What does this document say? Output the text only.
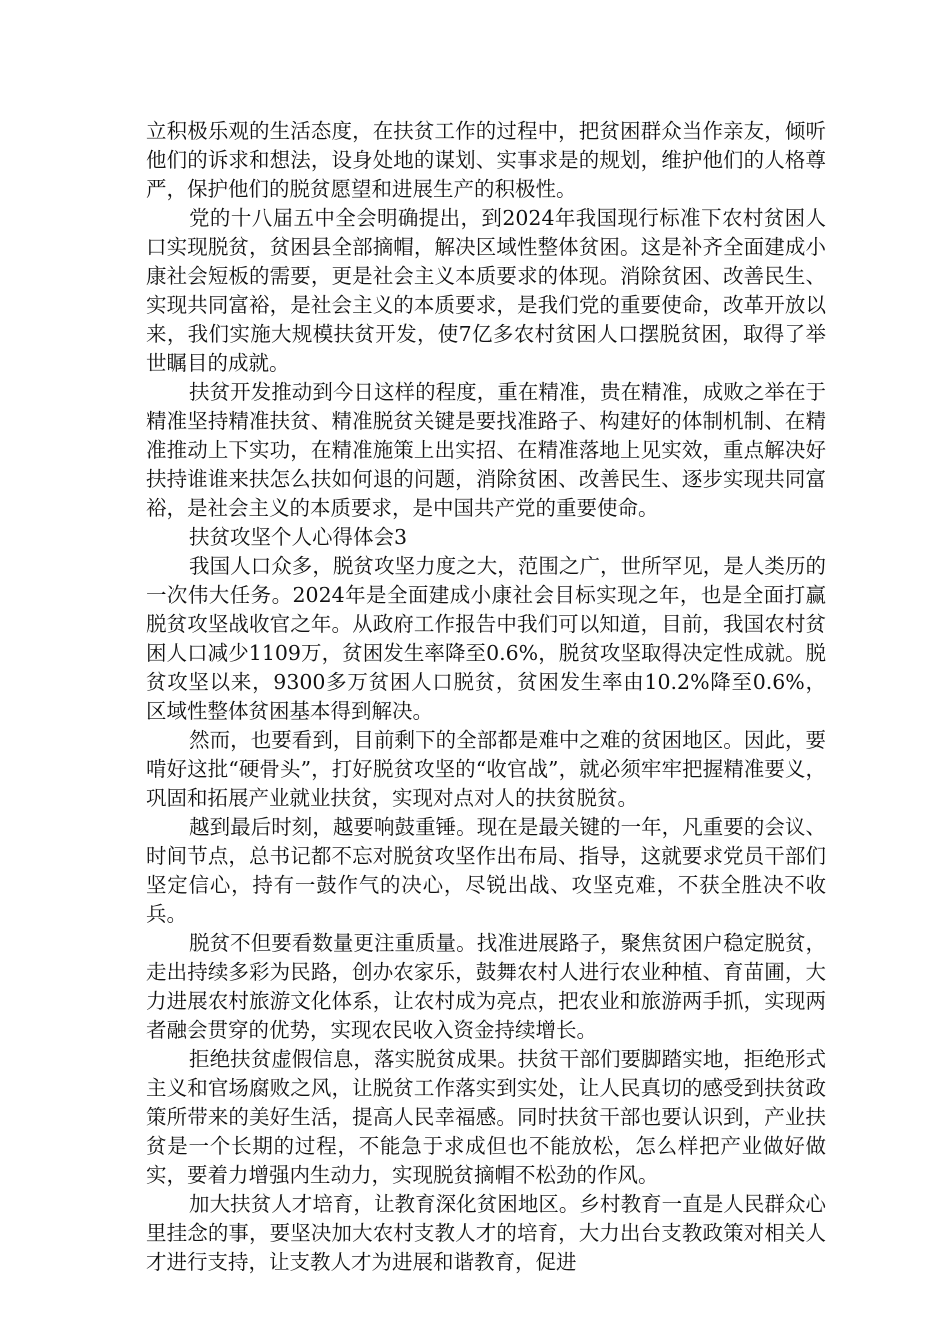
立积极乐观的生活态度，在扶贫工作的过程中，把贫困群众当作亲友，倾听他们的诉求和想法，设身处地的谋划、实事求是的规划，维护他们的人格尊严，保护他们的脱贫愿望和进展生产的积极性。

党的十八届五中全会明确提出，到2024年我国现行标准下农村贫困人口实现脱贫，贫困县全部摘帽，解决区域性整体贫困。这是补齐全面建成小康社会短板的需要，更是社会主义本质要求的体现。消除贫困、改善民生、实现共同富裕，是社会主义的本质要求，是我们党的重要使命，改革开放以来，我们实施大规模扶贫开发，使7亿多农村贫困人口摆脱贫困，取得了举世瞩目的成就。

扶贫开发推动到今日这样的程度，重在精准，贵在精准，成败之举在于精准坚持精准扶贫、精准脱贫关键是要找准路子、构建好的体制机制、在精准推动上下实功，在精准施策上出实招、在精准落地上见实效，重点解决好扶持谁谁来扶怎么扶如何退的问题，消除贫困、改善民生、逐步实现共同富裕，是社会主义的本质要求，是中国共产党的重要使命。

扶贫攻坚个人心得体会3

我国人口众多，脱贫攻坚力度之大，范围之广，世所罕见，是人类历的一次伟大任务。2024年是全面建成小康社会目标实现之年，也是全面打赢脱贫攻坚战收官之年。从政府工作报告中我们可以知道，目前，我国农村贫困人口减少1109万，贫困发生率降至0.6%，脱贫攻坚取得决定性成就。脱贫攻坚以来，9300多万贫困人口脱贫，贫困发生率由10.2%降至0.6%，区域性整体贫困基本得到解决。

然而，也要看到，目前剩下的全部都是难中之难的贫困地区。因此，要啃好这批“硬骨头”，打好脱贫攻坚的“收官战”，就必须牢牢把握精准要义，巩固和拓展产业就业扶贫，实现对点对人的扶贫脱贫。

越到最后时刻，越要响鼓重锤。现在是最关键的一年，凡重要的会议、时间节点，总书记都不忘对脱贫攻坚作出布局、指导，这就要求党员干部们坚定信心，持有一鼓作气的决心，尽锐出战、攻坚克难，不获全胜决不收兵。

脱贫不但要看数量更注重质量。找准进展路子，聚焦贫困户稳定脱贫，走出持续多彩为民路，创办农家乐，鼓舞农村人进行农业种植、育苗圃，大力进展农村旅游文化体系，让农村成为亮点，把农业和旅游两手抓，实现两者融会贯穿的优势，实现农民收入资金持续增长。

拒绝扶贫虚假信息，落实脱贫成果。扶贫干部们要脚踏实地，拒绝形式主义和官场腐败之风，让脱贫工作落实到实处，让人民真切的感受到扶贫政策所带来的美好生活，提高人民幸福感。同时扶贫干部也要认识到，产业扶贫是一个长期的过程，不能急于求成但也不能放松，怎么样把产业做好做实，要着力增强内生动力，实现脱贫摘帽不松劲的作风。

加大扶贫人才培育，让教育深化贫困地区。乡村教育一直是人民群众心里挂念的事，要坚决加大农村支教人才的培育，大力出台支教政策对相关人才进行支持，让支教人才为进展和谐教育，促进
